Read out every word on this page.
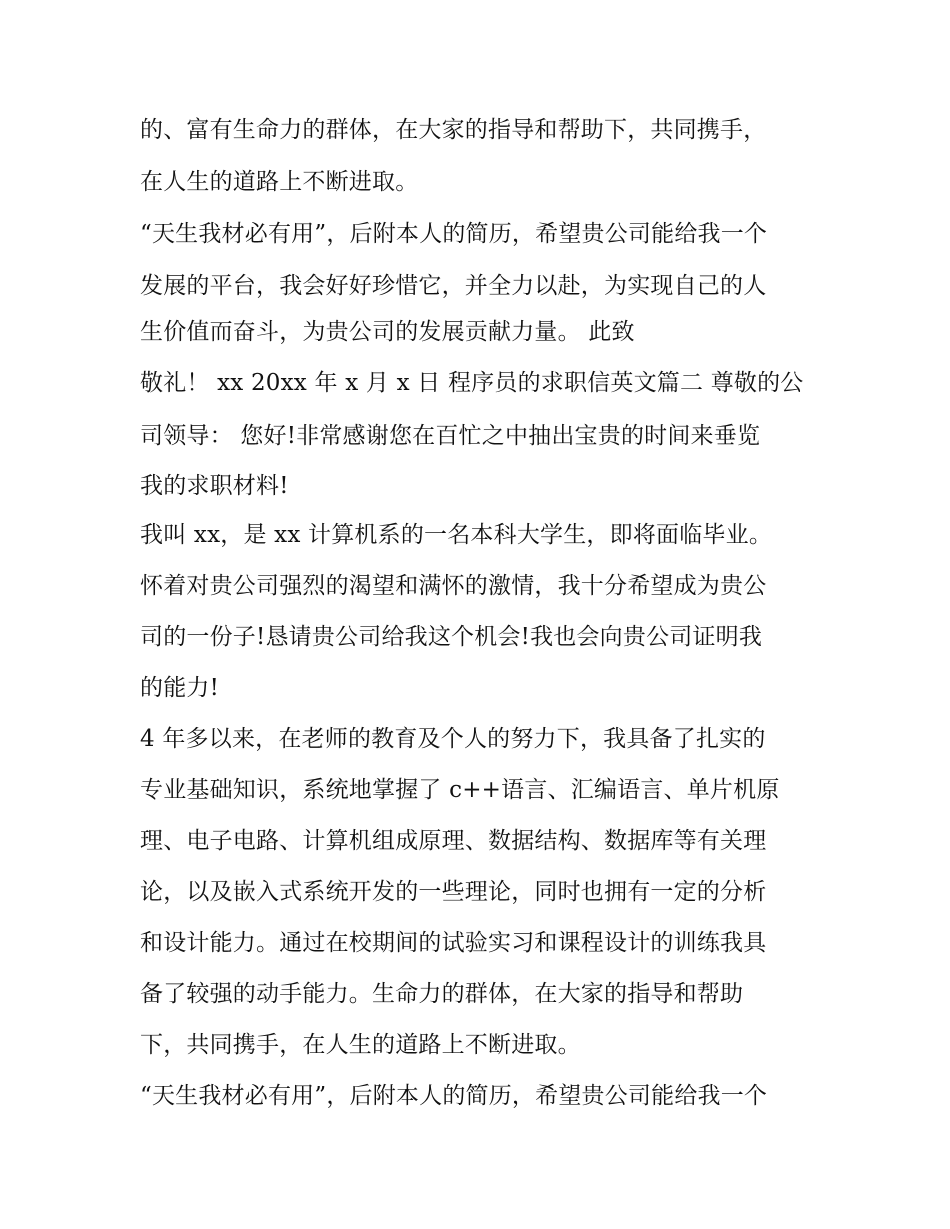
的、富有生命力的群体，在大家的指导和帮助下，共同携手，

在人生的道路上不断进取。

“天生我材必有用”，后附本人的简历，希望贵公司能给我一个

发展的平台，我会好好珍惜它，并全力以赴，为实现自己的人

生价值而奋斗，为贵公司的发展贡献力量。 此致

敬礼！ xx 20xx 年 x 月 x 日 程序员的求职信英文篇二 尊敬的公

司领导： 您好!非常感谢您在百忙之中抽出宝贵的时间来垂览

我的求职材料!

我叫 xx，是 xx 计算机系的一名本科大学生，即将面临毕业。

怀着对贵公司强烈的渴望和满怀的激情，我十分希望成为贵公

司的一份子!恳请贵公司给我这个机会!我也会向贵公司证明我

的能力!

4 年多以来，在老师的教育及个人的努力下，我具备了扎实的

专业基础知识，系统地掌握了 c++语言、汇编语言、单片机原

理、电子电路、计算机组成原理、数据结构、数据库等有关理

论，以及嵌入式系统开发的一些理论，同时也拥有一定的分析

和设计能力。通过在校期间的试验实习和课程设计的训练我具

备了较强的动手能力。生命力的群体，在大家的指导和帮助

下，共同携手，在人生的道路上不断进取。

“天生我材必有用”，后附本人的简历，希望贵公司能给我一个
